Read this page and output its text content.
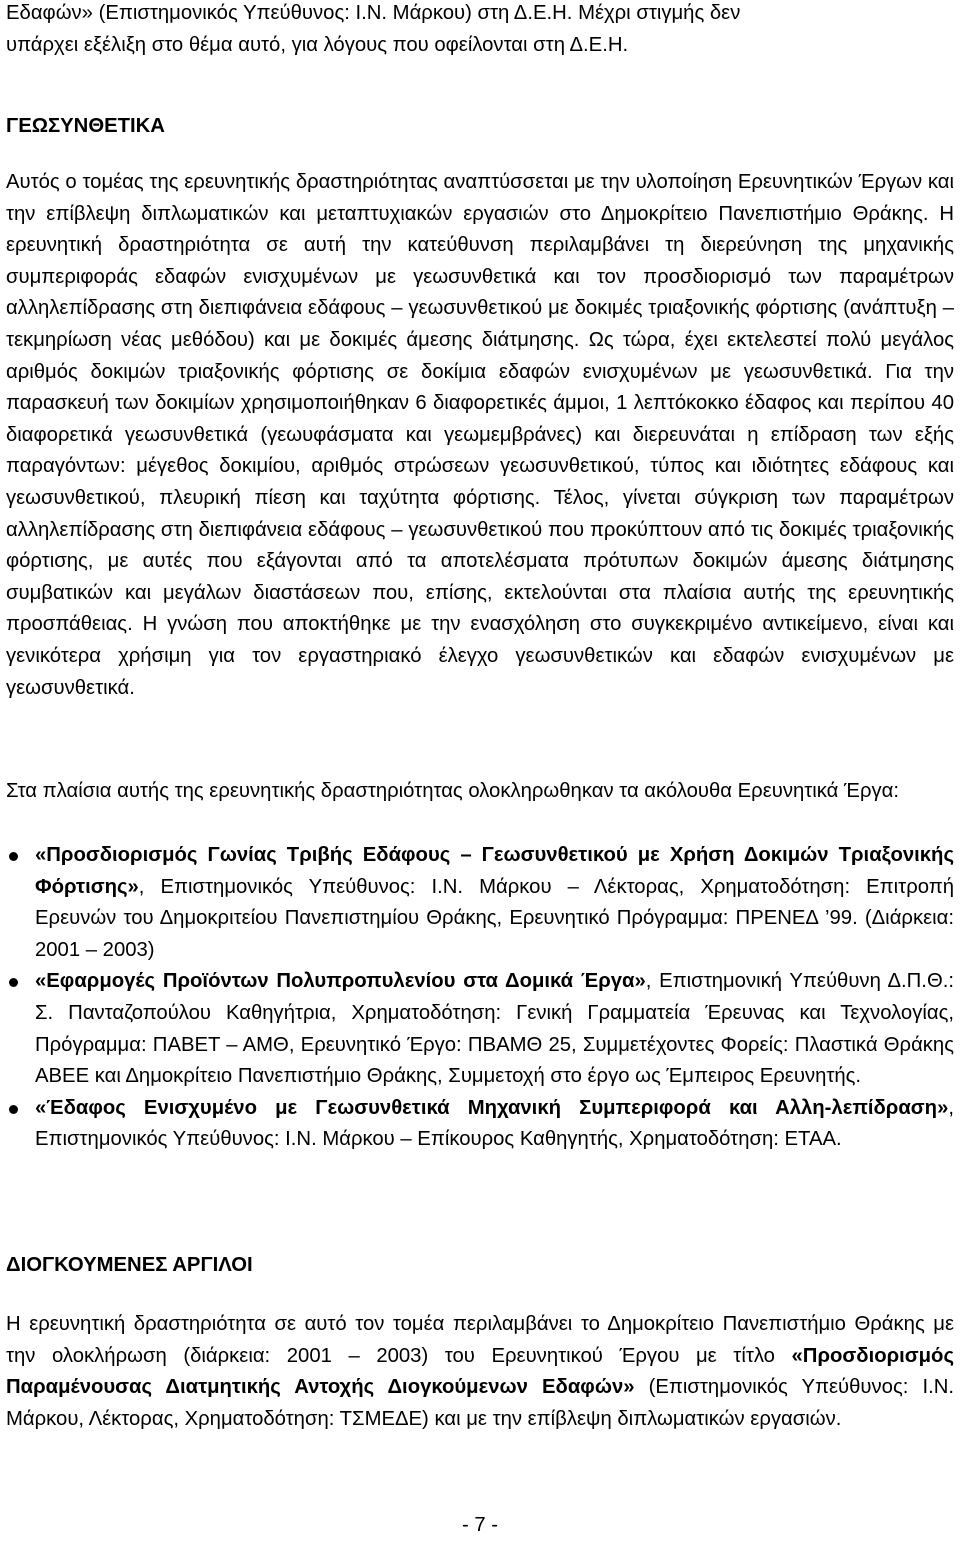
Εδαφών» (Επιστημονικός Υπεύθυνος: Ι.Ν. Μάρκου) στη Δ.Ε.Η. Μέχρι στιγμής δεν
υπάρχει εξέλιξη στο θέμα αυτό, για λόγους που οφείλονται στη Δ.Ε.Η.

ΓΕΩΣΥΝΘΕΤΙΚΑ

Αυτός ο τομέας της ερευνητικής δραστηριότητας αναπτύσσεται με την υλοποίηση Ερευνητικών Έργων και την επίβλεψη διπλωματικών και μεταπτυχιακών εργασιών στο Δημοκρίτειο Πανεπιστήμιο Θράκης. Η ερευνητική δραστηριότητα σε αυτή την κατεύθυνση περιλαμβάνει τη διερεύνηση της μηχανικής συμπεριφοράς εδαφών ενισχυμένων με γεωσυνθετικά και τον προσδιορισμό των παραμέτρων αλληλεπίδρασης στη διεπιφάνεια εδάφους – γεωσυνθετικού με δοκιμές τριαξονικής φόρτισης (ανάπτυξη – τεκμηρίωση νέας μεθόδου) και με δοκιμές άμεσης διάτμησης. Ως τώρα, έχει εκτελεστεί πολύ μεγάλος αριθμός δοκιμών τριαξονικής φόρτισης σε δοκίμια εδαφών ενισχυμένων με γεωσυνθετικά. Για την παρασκευή των δοκιμίων χρησιμοποιήθηκαν 6 διαφορετικές άμμοι, 1 λεπτόκοκκο έδαφος και περίπου 40 διαφορετικά γεωσυνθετικά (γεωυφάσματα και γεωμεμβράνες) και διερευνάται η επίδραση των εξής παραγόντων: μέγεθος δοκιμίου, αριθμός στρώσεων γεωσυνθετικού, τύπος και ιδιότητες εδάφους και γεωσυνθετικού, πλευρική πίεση και ταχύτητα φόρτισης. Τέλος, γίνεται σύγκριση των παραμέτρων αλληλεπίδρασης στη διεπιφάνεια εδάφους – γεωσυνθετικού που προκύπτουν από τις δοκιμές τριαξονικής φόρτισης, με αυτές που εξάγονται από τα αποτελέσματα πρότυπων δοκιμών άμεσης διάτμησης συμβατικών και μεγάλων διαστάσεων που, επίσης, εκτελούνται στα πλαίσια αυτής της ερευνητικής προσπάθειας. Η γνώση που αποκτήθηκε με την ενασχόληση στο συγκεκριμένο αντικείμενο, είναι και γενικότερα χρήσιμη για τον εργαστηριακό έλεγχο γεωσυνθετικών και εδαφών ενισχυμένων με γεωσυνθετικά.

Στα πλαίσια αυτής της ερευνητικής δραστηριότητας ολοκληρωθηκαν τα ακόλουθα Ερευνητικά Έργα:

«Προσδιορισμός Γωνίας Τριβής Εδάφους – Γεωσυνθετικού με Χρήση Δοκιμών Τριαξονικής Φόρτισης», Επιστημονικός Υπεύθυνος: Ι.Ν. Μάρκου – Λέκτορας, Χρηματοδότηση: Επιτροπή Ερευνών του Δημοκριτείου Πανεπιστημίου Θράκης, Ερευνητικό Πρόγραμμα: ΠΡΕΝΕΔ ’99. (Διάρκεια: 2001 – 2003)
«Εφαρμογές Προϊόντων Πολυπροπυλενίου στα Δομικά Έργα», Επιστημονική Υπεύθυνη Δ.Π.Θ.: Σ. Πανταζοπούλου Καθηγήτρια, Χρηματοδότηση: Γενική Γραμματεία Έρευνας και Τεχνολογίας, Πρόγραμμα: ΠΑΒΕΤ – ΑΜΘ, Ερευνητικό Έργο: ΠΒΑΜΘ 25, Συμμετέχοντες Φορείς: Πλαστικά Θράκης ΑΒΕΕ και Δημοκρίτειο Πανεπιστήμιο Θράκης, Συμμετοχή στο έργο ως Έμπειρος Ερευνητής.
«Έδαφος Ενισχυμένο με Γεωσυνθετικά Μηχανική Συμπεριφορά και Αλλη-λεπίδραση», Επιστημονικός Υπεύθυνος: Ι.Ν. Μάρκου – Επίκουρος Καθηγητής, Χρηματοδότηση: ΕΤΑΑ.
ΔΙΟΓΚΟΥΜΕΝΕΣ ΑΡΓΙΛΟΙ

Η ερευνητική δραστηριότητα σε αυτό τον τομέα περιλαμβάνει το Δημοκρίτειο Πανεπιστήμιο Θράκης με την ολοκλήρωση (διάρκεια: 2001 – 2003) του Ερευνητικού Έργου με τίτλο «Προσδιορισμός Παραμένουσας Διατμητικής Αντοχής Διογκούμενων Εδαφών» (Επιστημονικός Υπεύθυνος: Ι.Ν. Μάρκου, Λέκτορας, Χρηματοδότηση: ΤΣΜΕΔΕ) και με την επίβλεψη διπλωματικών εργασιών.

- 7 -
